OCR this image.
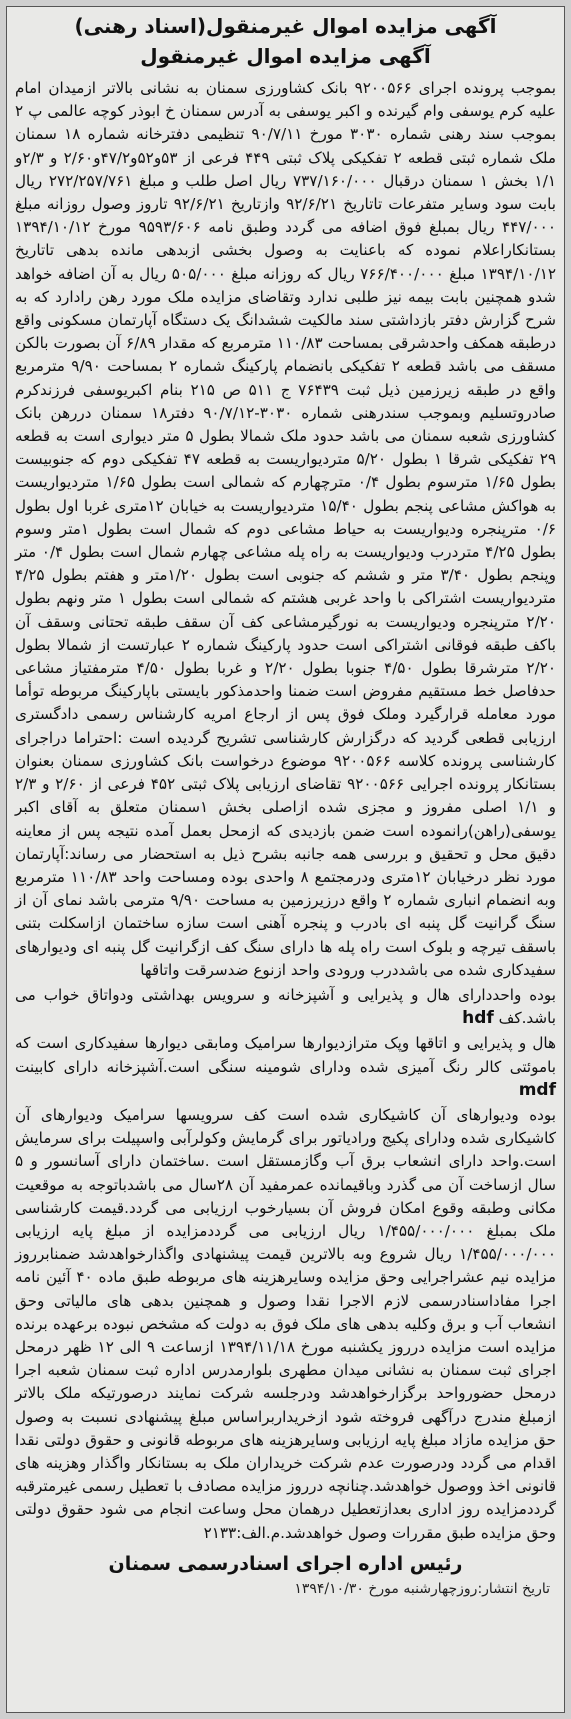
آگهی مزایده اموال غیرمنقول(اسناد رهنی)
آگهی مزایده اموال غیرمنقول

بموجب پرونده اجرای ۹۲۰۰۵۶۶ بانک کشاورزی سمنان به نشانی بالاتر ازمیدان امام علیه کرم یوسفی وام گیرنده و اکبر یوسفی به آدرس سمنان خ ابوذر کوچه عالمی پ ۲ بموجب سند رهنی شماره ۳۰۳۰ مورخ ۹۰/۷/۱۱ تنظیمی دفترخانه شماره ۱۸ سمنان ملک شماره ثبتی قطعه ۲ تفکیکی پلاک ثبتی ۴۴۹ فرعی از ۵۳و۵۲و۴۷/۲و۲/۶۰ و ۲/۳و ۱/۱ بخش ۱ سمنان درقبال ۷۳۷/۱۶۰/۰۰۰ ریال اصل طلب و مبلغ ۲۷۲/۲۵۷/۷۶۱ ریال بابت سود وسایر متفرعات تاتاریخ ۹۲/۶/۲۱ وازتاریخ ۹۲/۶/۲۱ تاروز وصول روزانه مبلغ ۴۴۷/۰۰۰ ریال بمبلغ فوق اضافه می گردد وطبق نامه ۹۵۹۳/۶۰۶ مورخ ۱۳۹۴/۱۰/۱۲ بستانکاراعلام نموده که باعنایت به وصول بخشی ازبدهی مانده بدهی تاتاریخ ۱۳۹۴/۱۰/۱۲ مبلغ ۷۶۶/۴۰۰/۰۰۰ ریال که روزانه مبلغ ۵۰۵/۰۰۰ ریال به آن اضافه خواهد شدو همچنین بابت بیمه نیز طلبی ندارد وتقاضای مزایده ملک مورد رهن رادارد که به شرح گزارش دفتر بازداشتی سند مالکیت ششدانگ یک دستگاه آپارتمان مسکونی واقع درطبقه همکف واحدشرقی بمساحت ۱۱۰/۸۳ مترمربع که مقدار ۶/۸۹ آن بصورت بالکن مسقف می باشد قطعه ۲ تفکیکی بانضمام پارکینگ شماره ۲ بمساحت ۹/۹۰ مترمربع واقع در طبقه زیرزمین ذیل ثبت ۷۶۴۳۹ ج ۵۱۱ ص ۲۱۵ بنام اکبریوسفی فرزندکرم صادروتسلیم وبموجب سندرهنی شماره ۳۰۳۰-۹۰/۷/۱۲ دفتر۱۸ سمنان دررهن بانک کشاورزی شعبه سمنان می باشد حدود ملک شمالا بطول ۵ متر دیواری است به قطعه ۲۹ تفکیکی شرقا ۱ بطول ۵/۲۰ متردیواریست به قطعه ۴۷ تفکیکی دوم که جنوبیست بطول ۱/۶۵ مترسوم بطول ۰/۴ مترچهارم که شمالی است بطول ۱/۶۵ متردیواریست به هواکش مشاعی پنجم بطول ۱۵/۴۰ متردیواریست به خیابان ۱۲متری غربا اول بطول ۰/۶ مترپنجره ودیواریست به حیاط مشاعی دوم که شمال است بطول ۱متر وسوم بطول ۴/۲۵ متردرب ودیواریست به راه پله مشاعی چهارم شمال است بطول ۰/۴ متر وپنجم بطول ۳/۴۰ متر و ششم که جنوبی است بطول ۱/۲۰متر و هفتم بطول ۴/۲۵ متردیواریست اشتراکی با واحد غربی هشتم که شمالی است بطول ۱ متر ونهم بطول ۲/۲۰ مترپنجره ودیواریست به نورگیرمشاعی کف آن سقف طبقه تحتانی وسقف آن باکف طبقه فوقانی اشتراکی است حدود پارکینگ شماره ۲ عبارتست از شمالا بطول ۲/۲۰ مترشرقا بطول ۴/۵۰ جنوبا بطول ۲/۲۰ و غربا بطول ۴/۵۰ مترمفتیاز مشاعی حدفاصل خط مستقیم مفروض است ضمنا واحدمذکور بایستی باپارکینگ مربوطه توأما مورد معامله قرارگیرد وملک فوق پس از ارجاع امریه کارشناس رسمی دادگستری ارزیابی قطعی گردید که درگزارش کارشناسی تشریح گردیده است :احتراما دراجرای کارشناسی پرونده کلاسه ۹۲۰۰۵۶۶ موضوع درخواست بانک کشاورزی سمنان بعنوان بستانکار پرونده اجرایی ۹۲۰۰۵۶۶ تقاضای ارزیابی پلاک ثبتی ۴۵۲ فرعی از ۲/۶۰ و ۲/۳ و ۱/۱ اصلی مفروز و مجزی شده ازاصلی بخش ۱سمنان متعلق به آقای اکبر یوسفی(راهن)رانموده است ضمن بازدیدی که ازمحل بعمل آمده نتیجه پس از معاینه دقیق محل و تحقیق و بررسی همه جانبه بشرح ذیل به استحضار می رساند:آپارتمان مورد نظر درخیابان ۱۲متری ودرمجتمع ۸ واحدی بوده ومساحت واحد ۱۱۰/۸۳ مترمربع وبه انضمام انباری شماره ۲ واقع درزیرزمین به مساحت ۹/۹۰ مترمی باشد نمای آن از سنگ گرانیت گل پنبه ای بادرب و پنجره آهنی است سازه ساختمان ازاسکلت بتنی باسقف تیرچه و بلوک است راه پله ها دارای سنگ کف ازگرانیت گل پنبه ای ودیوارهای سفیدکاری شده می باشددرب ورودی واحد ازنوع ضدسرقت واتاقها

بوده واحددارای هال و پذیرایی و آشپزخانه و سرویس بهداشتی ودواتاق خواب می باشد.کف hdf

هال و پذیرایی و اتاقها وپک مترازدیوارها سرامیک ومابقی دیوارها سفیدکاری است که باموئتی کالر رنگ آمیزی شده ودارای شومینه سنگی است.آشپزخانه دارای کابینت mdf

بوده ودیوارهای آن کاشیکاری شده است کف سرویسها سرامیک ودیوارهای آن کاشیکاری شده ودارای پکیج ورادیاتور برای گرمایش وکولرآبی واسپیلت برای سرمایش است.واحد دارای انشعاب برق آب وگازمستقل است .ساختمان دارای آسانسور و ۵ سال ازساخت آن می گذرد وباقیمانده عمرمفید آن ۲۸سال می باشدباتوجه به موقعیت مکانی وطبقه وقوع امکان فروش آن بسیارخوب ارزیابی می گردد.قیمت کارشناسی ملک بمبلغ ۱/۴۵۵/۰۰۰/۰۰۰ ریال ارزیابی می گرددمزایده از مبلغ پایه ارزیابی ۱/۴۵۵/۰۰۰/۰۰۰ ریال شروع وبه بالاترین قیمت پیشنهادی واگذارخواهدشد ضمنابرروز مزایده نیم عشراجرایی وحق مزایده وسایرهزینه های مربوطه طبق ماده ۴۰ آئین نامه اجرا مفاداسنادرسمی لازم الاجرا نقدا وصول و همچنین بدهی های مالیاتی وحق انشعاب آب و برق وکلیه بدهی های ملک فوق به دولت که مشخص نبوده برعهده برنده مزایده است مزایده درروز یکشنبه مورخ ۱۳۹۴/۱۱/۱۸ ازساعت ۹ الی ۱۲ ظهر درمحل اجرای ثبت سمنان به نشانی میدان مطهری بلوارمدرس اداره ثبت سمنان شعبه اجرا درمحل حضورواحد برگزارخواهدشد ودرجلسه شرکت نمایند درصورتیکه ملک بالاتر ازمبلغ مندرج درآگهی فروخته شود ازخریداربراساس مبلغ پیشنهادی نسبت به وصول حق مزایده مازاد مبلغ پایه ارزیابی وسایرهزینه های مربوطه قانونی و حقوق دولتی نقدا اقدام می گردد ودرصورت عدم شرکت خریداران ملک به بستانکار واگذار وهزینه های قانونی اخذ ووصول خواهدشد.چنانچه درروز مزایده مصادف با تعطیل رسمی غیرمترقبه گرددمزایده روز اداری بعدازتعطیل درهمان محل وساعت انجام می شود حقوق دولتی وحق مزایده طبق مقررات وصول خواهدشد.م.الف:۲۱۳۳

رئیس اداره اجرای اسنادرسمی سمنان
تاریخ انتشار:روزچهارشنبه مورخ ۱۳۹۴/۱۰/۳۰
